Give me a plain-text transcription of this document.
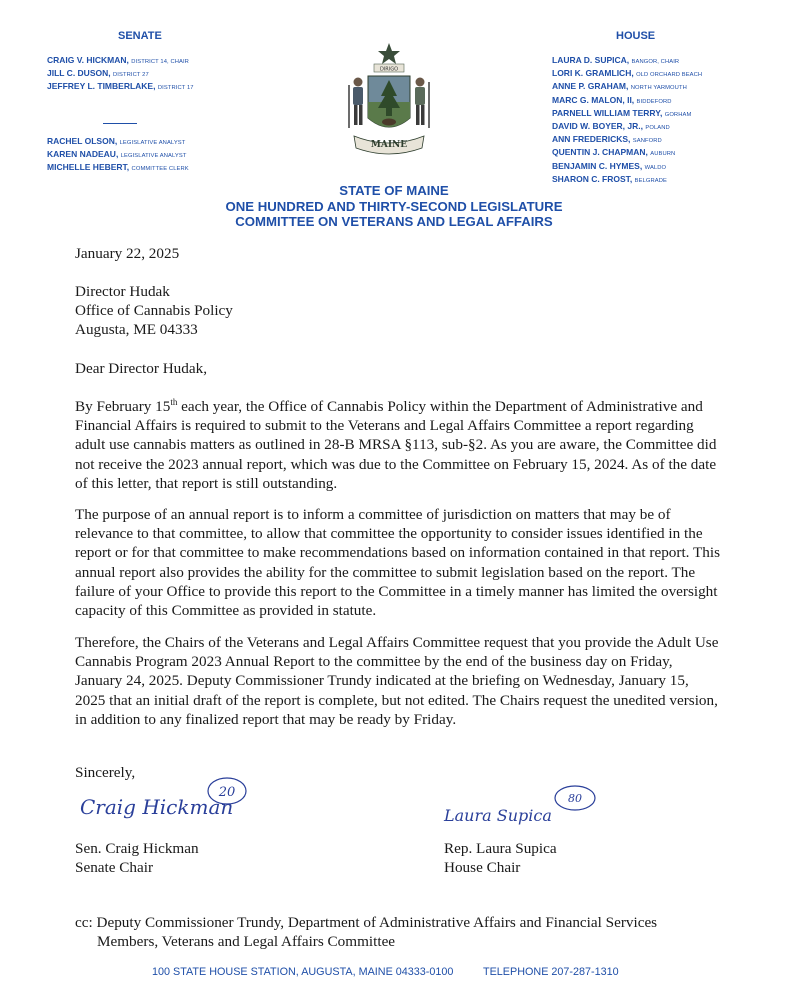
SENATE
CRAIG V. HICKMAN, DISTRICT 14, CHAIR
JILL C. DUSON, DISTRICT 27
JEFFREY L. TIMBERLAKE, DISTRICT 17
RACHEL OLSON, LEGISLATIVE ANALYST
KAREN NADEAU, LEGISLATIVE ANALYST
MICHELLE HEBERT, COMMITTEE CLERK
DIRIGO
MAINE
HOUSE
LAURA D. SUPICA, BANGOR, CHAIR
LORI K. GRAMLICH, OLD ORCHARD BEACH
ANNE P. GRAHAM, NORTH YARMOUTH
MARC G. MALON, II, BIDDEFORD
PARNELL WILLIAM TERRY, GORHAM
DAVID W. BOYER, JR., POLAND
ANN FREDERICKS, SANFORD
QUENTIN J. CHAPMAN, AUBURN
BENJAMIN C. HYMES, WALDO
SHARON C. FROST, BELGRADE
STATE OF MAINE
ONE HUNDRED AND THIRTY-SECOND LEGISLATURE
COMMITTEE ON VETERANS AND LEGAL AFFAIRS
January 22, 2025
Director Hudak
Office of Cannabis Policy
Augusta, ME 04333
Dear Director Hudak,
By February 15th each year, the Office of Cannabis Policy within the Department of Administrative and Financial Affairs is required to submit to the Veterans and Legal Affairs Committee a report regarding adult use cannabis matters as outlined in 28-B MRSA §113, sub-§2. As you are aware, the Committee did not receive the 2023 annual report, which was due to the Committee on February 15, 2024. As of the date of this letter, that report is still outstanding.
The purpose of an annual report is to inform a committee of jurisdiction on matters that may be of relevance to that committee, to allow that committee the opportunity to consider issues identified in the report or for that committee to make recommendations based on information contained in that report. This annual report also provides the ability for the committee to submit legislation based on the report. The failure of your Office to provide this report to the Committee in a timely manner has limited the oversight capacity of this Committee as provided in statute.
Therefore, the Chairs of the Veterans and Legal Affairs Committee request that you provide the Adult Use Cannabis Program 2023 Annual Report to the committee by the end of the business day on Friday, January 24, 2025. Deputy Commissioner Trundy indicated at the briefing on Wednesday, January 15, 2025 that an initial draft of the report is complete, but not edited. The Chairs request the unedited version, in addition to any finalized report that may be ready by Friday.
Sincerely,
Craig Hickman
20
Laura Supica
80
Sen. Craig Hickman
Senate Chair
Rep. Laura Supica
House Chair
cc: Deputy Commissioner Trundy, Department of Administrative Affairs and Financial Services
Members, Veterans and Legal Affairs Committee
100 STATE HOUSE STATION, AUGUSTA, MAINE 04333-0100	TELEPHONE 207-287-1310
